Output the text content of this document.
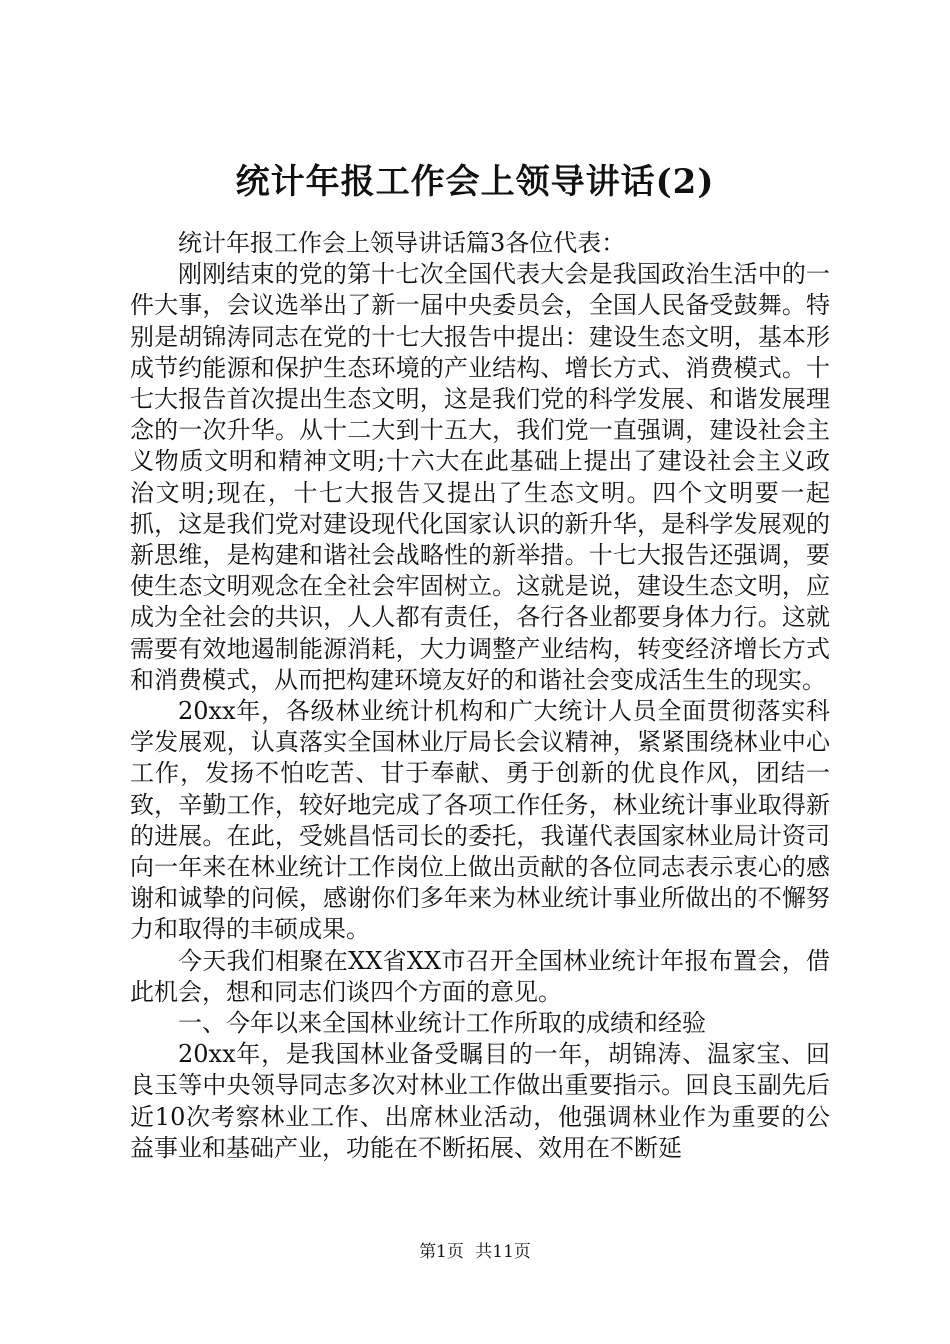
统计年报工作会上领导讲话(2)

统计年报工作会上领导讲话篇3各位代表：

刚刚结束的党的第十七次全国代表大会是我国政治生活中的一件大事，会议选举出了新一届中央委员会，全国人民备受鼓舞。特别是胡锦涛同志在党的十七大报告中提出：建设生态文明，基本形成节约能源和保护生态环境的产业结构、增长方式、消费模式。十七大报告首次提出生态文明，这是我们党的科学发展、和谐发展理念的一次升华。从十二大到十五大，我们党一直强调，建设社会主义物质文明和精神文明;十六大在此基础上提出了建设社会主义政治文明;现在，十七大报告又提出了生态文明。四个文明要一起抓，这是我们党对建设现代化国家认识的新升华，是科学发展观的新思维，是构建和谐社会战略性的新举措。十七大报告还强调，要使生态文明观念在全社会牢固树立。这就是说，建设生态文明，应成为全社会的共识，人人都有责任，各行各业都要身体力行。这就需要有效地遏制能源消耗，大力调整产业结构，转变经济增长方式和消费模式，从而把构建环境友好的和谐社会变成活生生的现实。

20xx年，各级林业统计机构和广大统计人员全面贯彻落实科学发展观，认真落实全国林业厅局长会议精神，紧紧围绕林业中心工作，发扬不怕吃苦、甘于奉献、勇于创新的优良作风，团结一致，辛勤工作，较好地完成了各项工作任务，林业统计事业取得新的进展。在此，受姚昌恬司长的委托，我谨代表国家林业局计资司向一年来在林业统计工作岗位上做出贡献的各位同志表示衷心的感谢和诚挚的问候，感谢你们多年来为林业统计事业所做出的不懈努力和取得的丰硕成果。

今天我们相聚在XX省XX市召开全国林业统计年报布置会，借此机会，想和同志们谈四个方面的意见。

一、今年以来全国林业统计工作所取的成绩和经验

20xx年，是我国林业备受瞩目的一年，胡锦涛、温家宝、回良玉等中央领导同志多次对林业工作做出重要指示。回良玉副先后近10次考察林业工作、出席林业活动，他强调林业作为重要的公益事业和基础产业，功能在不断拓展、效用在不断延

第1页 共11页
